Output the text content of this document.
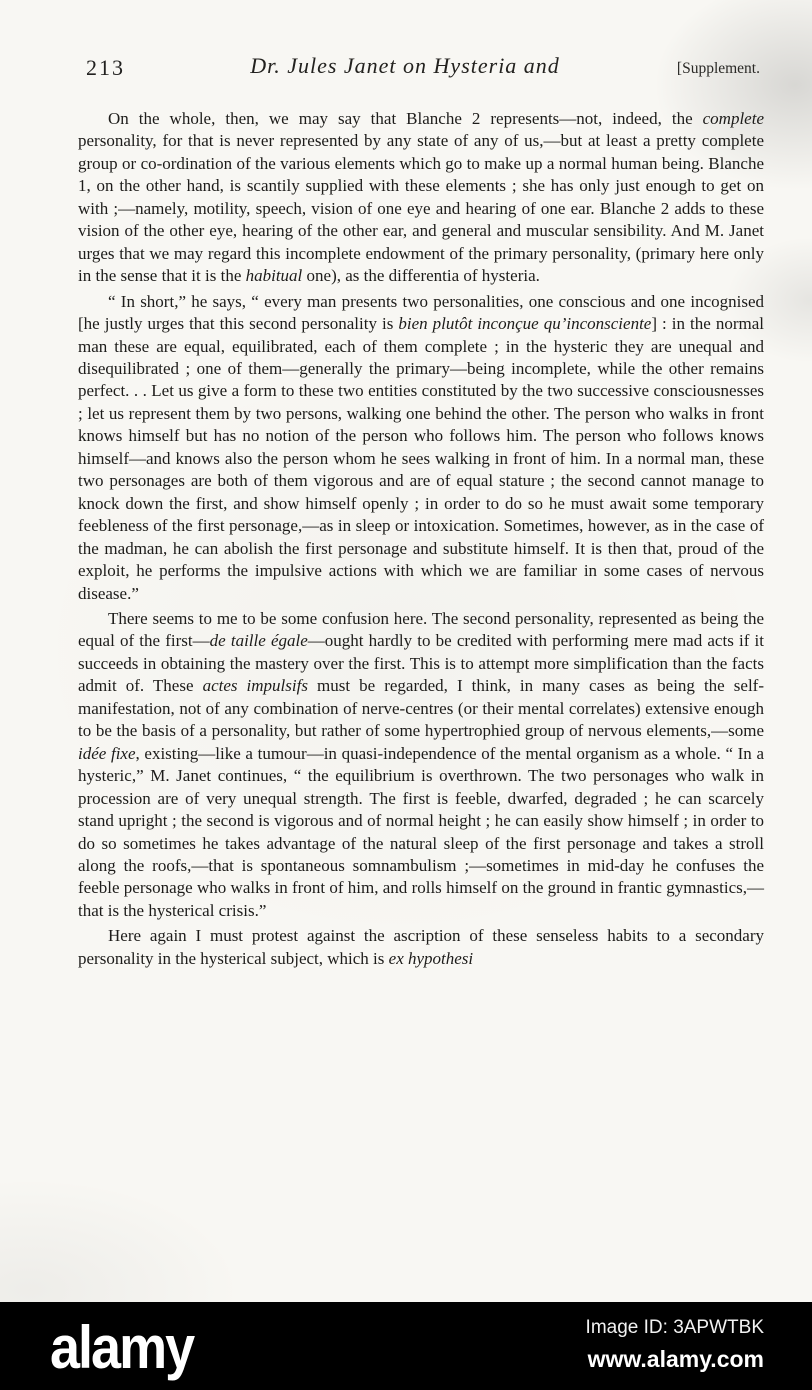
213	Dr. Jules Janet on Hysteria and	[Supplement.

On the whole, then, we may say that Blanche 2 represents—not, indeed, the complete personality, for that is never represented by any state of any of us,—but at least a pretty complete group or co-ordination of the various elements which go to make up a normal human being. Blanche 1, on the other hand, is scantily supplied with these elements ; she has only just enough to get on with ;—namely, motility, speech, vision of one eye and hearing of one ear. Blanche 2 adds to these vision of the other eye, hearing of the other ear, and general and muscular sensibility. And M. Janet urges that we may regard this incomplete endowment of the primary personality, (primary here only in the sense that it is the habitual one), as the differentia of hysteria.

“ In short,” he says, “ every man presents two personalities, one conscious and one incognised [he justly urges that this second personality is bien plutôt inconçue qu’inconsciente] : in the normal man these are equal, equilibrated, each of them complete ; in the hysteric they are unequal and disequilibrated ; one of them—generally the primary—being incomplete, while the other remains perfect. . . Let us give a form to these two entities constituted by the two successive consciousnesses ; let us represent them by two persons, walking one behind the other. The person who walks in front knows himself but has no notion of the person who follows him. The person who follows knows himself—and knows also the person whom he sees walking in front of him. In a normal man, these two personages are both of them vigorous and are of equal stature ; the second cannot manage to knock down the first, and show himself openly ; in order to do so he must await some temporary feebleness of the first personage,—as in sleep or intoxication. Sometimes, however, as in the case of the madman, he can abolish the first personage and substitute himself. It is then that, proud of the exploit, he performs the impulsive actions with which we are familiar in some cases of nervous disease.”

There seems to me to be some confusion here. The second personality, represented as being the equal of the first—de taille égale—ought hardly to be credited with performing mere mad acts if it succeeds in obtaining the mastery over the first. This is to attempt more simplification than the facts admit of. These actes impulsifs must be regarded, I think, in many cases as being the self-manifestation, not of any combination of nerve-centres (or their mental correlates) extensive enough to be the basis of a personality, but rather of some hypertrophied group of nervous elements,—some idée fixe, existing—like a tumour—in quasi-independence of the mental organism as a whole. “ In a hysteric,” M. Janet continues, “ the equilibrium is overthrown. The two personages who walk in procession are of very unequal strength. The first is feeble, dwarfed, degraded ; he can scarcely stand upright ; the second is vigorous and of normal height ; he can easily show himself ; in order to do so sometimes he takes advantage of the natural sleep of the first personage and takes a stroll along the roofs,—that is spontaneous somnambulism ;—sometimes in mid-day he confuses the feeble personage who walks in front of him, and rolls himself on the ground in frantic gymnastics,—that is the hysterical crisis.”

Here again I must protest against the ascription of these senseless habits to a secondary personality in the hysterical subject, which is ex hypothesi

alamy	Image ID: 3APWTBK
www.alamy.com
